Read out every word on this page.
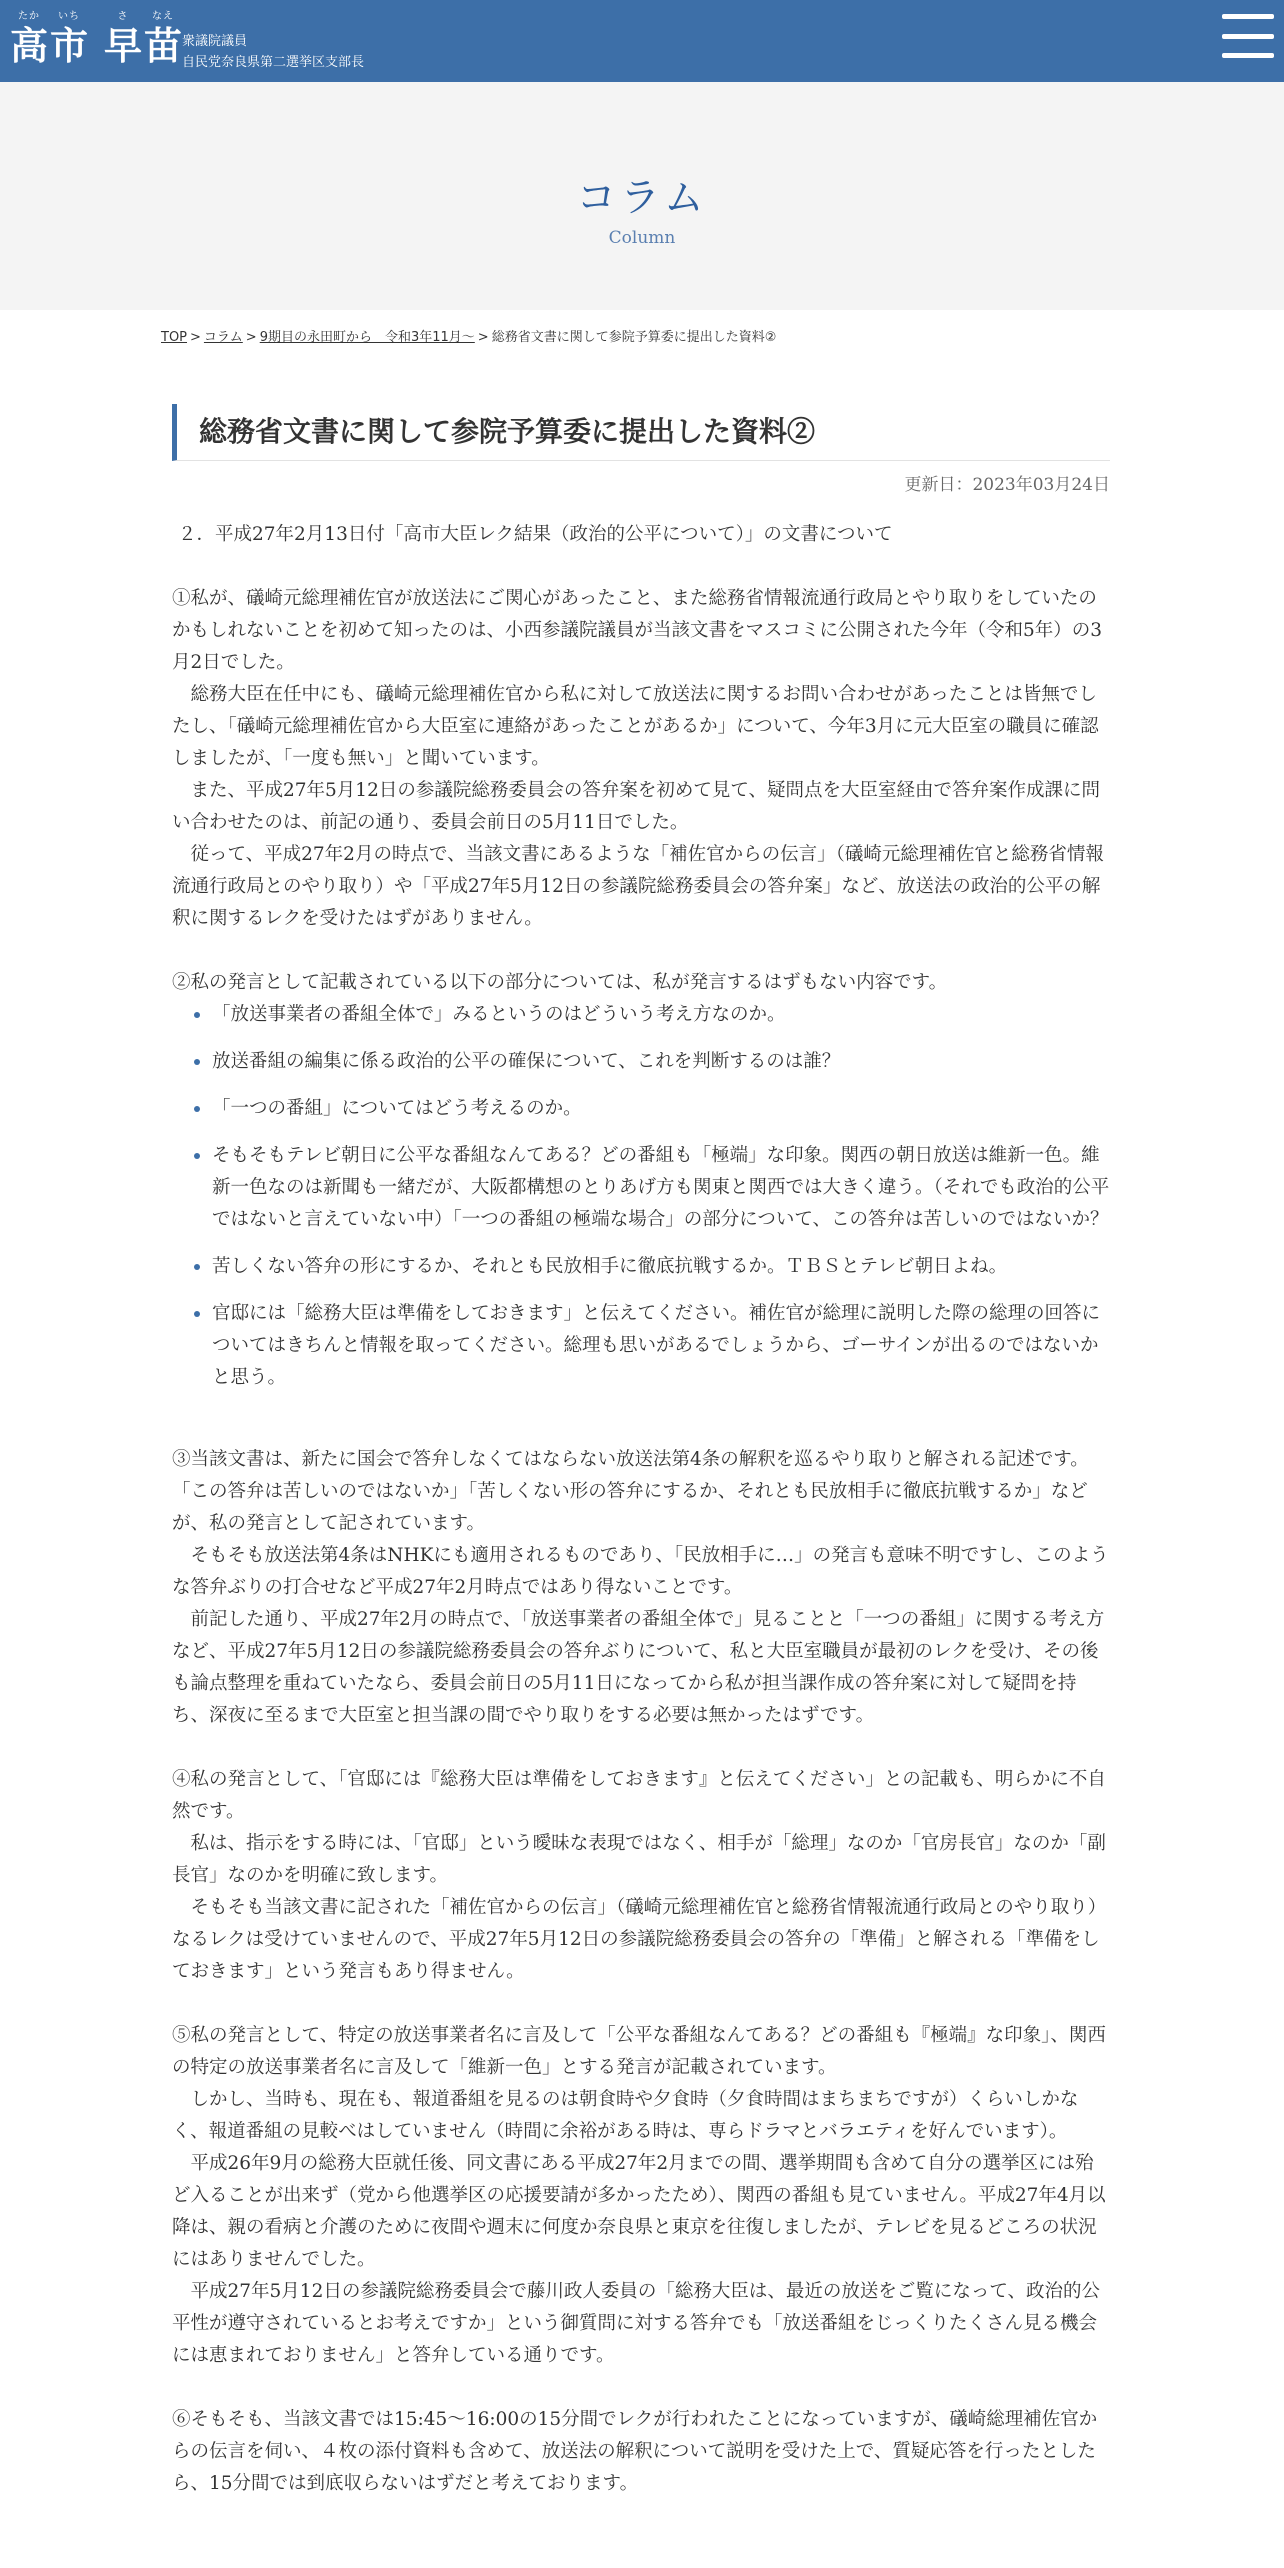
たか
高
いち
市
さ
早
なえ
苗 衆議院議員
自民党奈良県第二選挙区支部長
コラム
Column
TOP > コラム > 9期目の永田町から　令和3年11月〜 > 総務省文書に関して参院予算委に提出した資料②
総務省文書に関して参院予算委に提出した資料②
更新日：2023年03月24日

２．平成27年2月13日付「高市大臣レク結果（政治的公平について）」の文書について

①私が、礒崎元総理補佐官が放送法にご関心があったこと、また総務省情報流通行政局とやり取りをしていたのかもしれないことを初めて知ったのは、小西参議院議員が当該文書をマスコミに公開された今年（令和5年）の3月2日でした。

総務大臣在任中にも、礒崎元総理補佐官から私に対して放送法に関するお問い合わせがあったことは皆無でしたし、「礒崎元総理補佐官から大臣室に連絡があったことがあるか」について、今年3月に元大臣室の職員に確認しましたが、「一度も無い」と聞いています。

また、平成27年5月12日の参議院総務委員会の答弁案を初めて見て、疑問点を大臣室経由で答弁案作成課に問い合わせたのは、前記の通り、委員会前日の5月11日でした。

従って、平成27年2月の時点で、当該文書にあるような「補佐官からの伝言」（礒崎元総理補佐官と総務省情報流通行政局とのやり取り）や「平成27年5月12日の参議院総務委員会の答弁案」など、放送法の政治的公平の解釈に関するレクを受けたはずがありません。

②私の発言として記載されている以下の部分については、私が発言するはずもない内容です。

「放送事業者の番組全体で」みるというのはどういう考え方なのか。
放送番組の編集に係る政治的公平の確保について、これを判断するのは誰？
「一つの番組」についてはどう考えるのか。
そもそもテレビ朝日に公平な番組なんてある？どの番組も「極端」な印象。関西の朝日放送は維新一色。維新一色なのは新聞も一緒だが、大阪都構想のとりあげ方も関東と関西では大きく違う。（それでも政治的公平ではないと言えていない中）「一つの番組の極端な場合」の部分について、この答弁は苦しいのではないか？
苦しくない答弁の形にするか、それとも民放相手に徹底抗戦するか。ＴＢＳとテレビ朝日よね。
官邸には「総務大臣は準備をしておきます」と伝えてください。補佐官が総理に説明した際の総理の回答についてはきちんと情報を取ってください。総理も思いがあるでしょうから、ゴーサインが出るのではないかと思う。

③当該文書は、新たに国会で答弁しなくてはならない放送法第4条の解釈を巡るやり取りと解される記述です。「この答弁は苦しいのではないか」「苦しくない形の答弁にするか、それとも民放相手に徹底抗戦するか」などが、私の発言として記されています。

そもそも放送法第4条はNHKにも適用されるものであり、「民放相手に…」の発言も意味不明ですし、このような答弁ぶりの打合せなど平成27年2月時点ではあり得ないことです。

前記した通り、平成27年2月の時点で、「放送事業者の番組全体で」見ることと「一つの番組」に関する考え方など、平成27年5月12日の参議院総務委員会の答弁ぶりについて、私と大臣室職員が最初のレクを受け、その後も論点整理を重ねていたなら、委員会前日の5月11日になってから私が担当課作成の答弁案に対して疑問を持ち、深夜に至るまで大臣室と担当課の間でやり取りをする必要は無かったはずです。

④私の発言として、「官邸には『総務大臣は準備をしておきます』と伝えてください」との記載も、明らかに不自然です。

私は、指示をする時には、「官邸」という曖昧な表現ではなく、相手が「総理」なのか「官房長官」なのか「副長官」なのかを明確に致します。

そもそも当該文書に記された「補佐官からの伝言」（礒崎元総理補佐官と総務省情報流通行政局とのやり取り）なるレクは受けていませんので、平成27年5月12日の参議院総務委員会の答弁の「準備」と解される「準備をしておきます」という発言もあり得ません。

⑤私の発言として、特定の放送事業者名に言及して「公平な番組なんてある？どの番組も『極端』な印象」、関西の特定の放送事業者名に言及して「維新一色」とする発言が記載されています。

しかし、当時も、現在も、報道番組を見るのは朝食時や夕食時（夕食時間はまちまちですが）くらいしかなく、報道番組の見較べはしていません（時間に余裕がある時は、専らドラマとバラエティを好んでいます）。

平成26年9月の総務大臣就任後、同文書にある平成27年2月までの間、選挙期間も含めて自分の選挙区には殆ど入ることが出来ず（党から他選挙区の応援要請が多かったため）、関西の番組も見ていません。平成27年4月以降は、親の看病と介護のために夜間や週末に何度か奈良県と東京を往復しましたが、テレビを見るどころの状況にはありませんでした。

平成27年5月12日の参議院総務委員会で藤川政人委員の「総務大臣は、最近の放送をご覧になって、政治的公平性が遵守されているとお考えですか」という御質問に対する答弁でも「放送番組をじっくりたくさん見る機会には恵まれておりません」と答弁している通りです。

⑥そもそも、当該文書では15:45～16:00の15分間でレクが行われたことになっていますが、礒崎総理補佐官からの伝言を伺い、４枚の添付資料も含めて、放送法の解釈について説明を受けた上で、質疑応答を行ったとしたら、15分間では到底収らないはずだと考えております。
